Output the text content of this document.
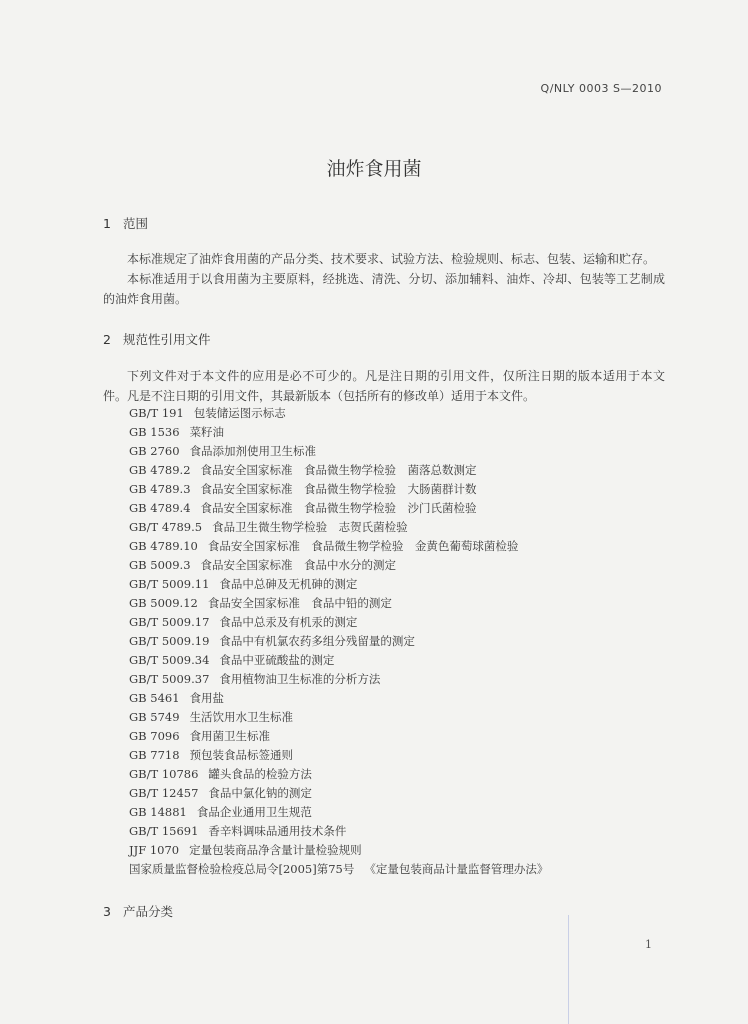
Q/NLY 0003 S—2010
油炸食用菌
1 范围

本标准规定了油炸食用菌的产品分类、技术要求、试验方法、检验规则、标志、包装、运输和贮存。

本标准适用于以食用菌为主要原料，经挑选、清洗、分切、添加辅料、油炸、冷却、包装等工艺制成的油炸食用菌。

2 规范性引用文件

下列文件对于本文件的应用是必不可少的。凡是注日期的引用文件，仅所注日期的版本适用于本文件。凡是不注日期的引用文件，其最新版本（包括所有的修改单）适用于本文件。

GB/T 191 包装储运图示标志
GB 1536 菜籽油
GB 2760 食品添加剂使用卫生标准
GB 4789.2 食品安全国家标准　食品微生物学检验　菌落总数测定
GB 4789.3 食品安全国家标准　食品微生物学检验　大肠菌群计数
GB 4789.4 食品安全国家标准　食品微生物学检验　沙门氏菌检验
GB/T 4789.5 食品卫生微生物学检验　志贺氏菌检验
GB 4789.10 食品安全国家标准　食品微生物学检验　金黄色葡萄球菌检验
GB 5009.3 食品安全国家标准　食品中水分的测定
GB/T 5009.11 食品中总砷及无机砷的测定
GB 5009.12 食品安全国家标准　食品中铅的测定
GB/T 5009.17 食品中总汞及有机汞的测定
GB/T 5009.19 食品中有机氯农药多组分残留量的测定
GB/T 5009.34 食品中亚硫酸盐的测定
GB/T 5009.37 食用植物油卫生标准的分析方法
GB 5461 食用盐
GB 5749 生活饮用水卫生标准
GB 7096 食用菌卫生标准
GB 7718 预包装食品标签通则
GB/T 10786 罐头食品的检验方法
GB/T 12457 食品中氯化钠的测定
GB 14881 食品企业通用卫生规范
GB/T 15691 香辛料调味品通用技术条件
JJF 1070 定量包装商品净含量计量检验规则
国家质量监督检验检疫总局令[2005]第75号 《定量包装商品计量监督管理办法》
3 产品分类
1
